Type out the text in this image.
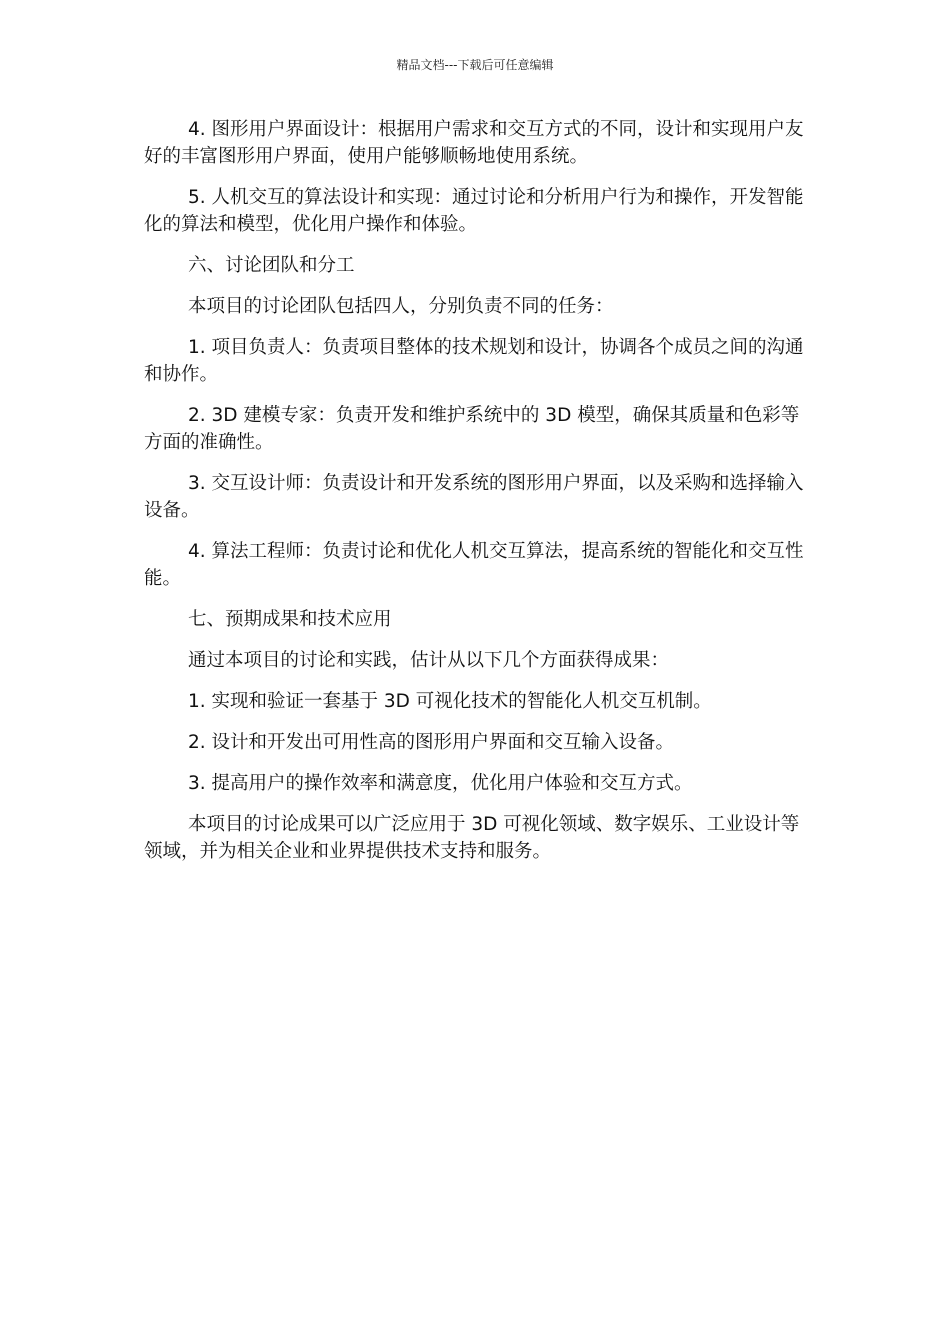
精品文档---下载后可任意编辑

4. 图形用户界面设计：根据用户需求和交互方式的不同，设计和实现用户友好的丰富图形用户界面，使用户能够顺畅地使用系统。

5. 人机交互的算法设计和实现：通过讨论和分析用户行为和操作，开发智能化的算法和模型，优化用户操作和体验。

六、讨论团队和分工

本项目的讨论团队包括四人，分别负责不同的任务：

1. 项目负责人：负责项目整体的技术规划和设计，协调各个成员之间的沟通和协作。

2. 3D 建模专家：负责开发和维护系统中的 3D 模型，确保其质量和色彩等方面的准确性。

3. 交互设计师：负责设计和开发系统的图形用户界面，以及采购和选择输入设备。

4. 算法工程师：负责讨论和优化人机交互算法，提高系统的智能化和交互性能。

七、预期成果和技术应用

通过本项目的讨论和实践，估计从以下几个方面获得成果：

1. 实现和验证一套基于 3D 可视化技术的智能化人机交互机制。

2. 设计和开发出可用性高的图形用户界面和交互输入设备。

3. 提高用户的操作效率和满意度，优化用户体验和交互方式。

本项目的讨论成果可以广泛应用于 3D 可视化领域、数字娱乐、工业设计等领域，并为相关企业和业界提供技术支持和服务。
